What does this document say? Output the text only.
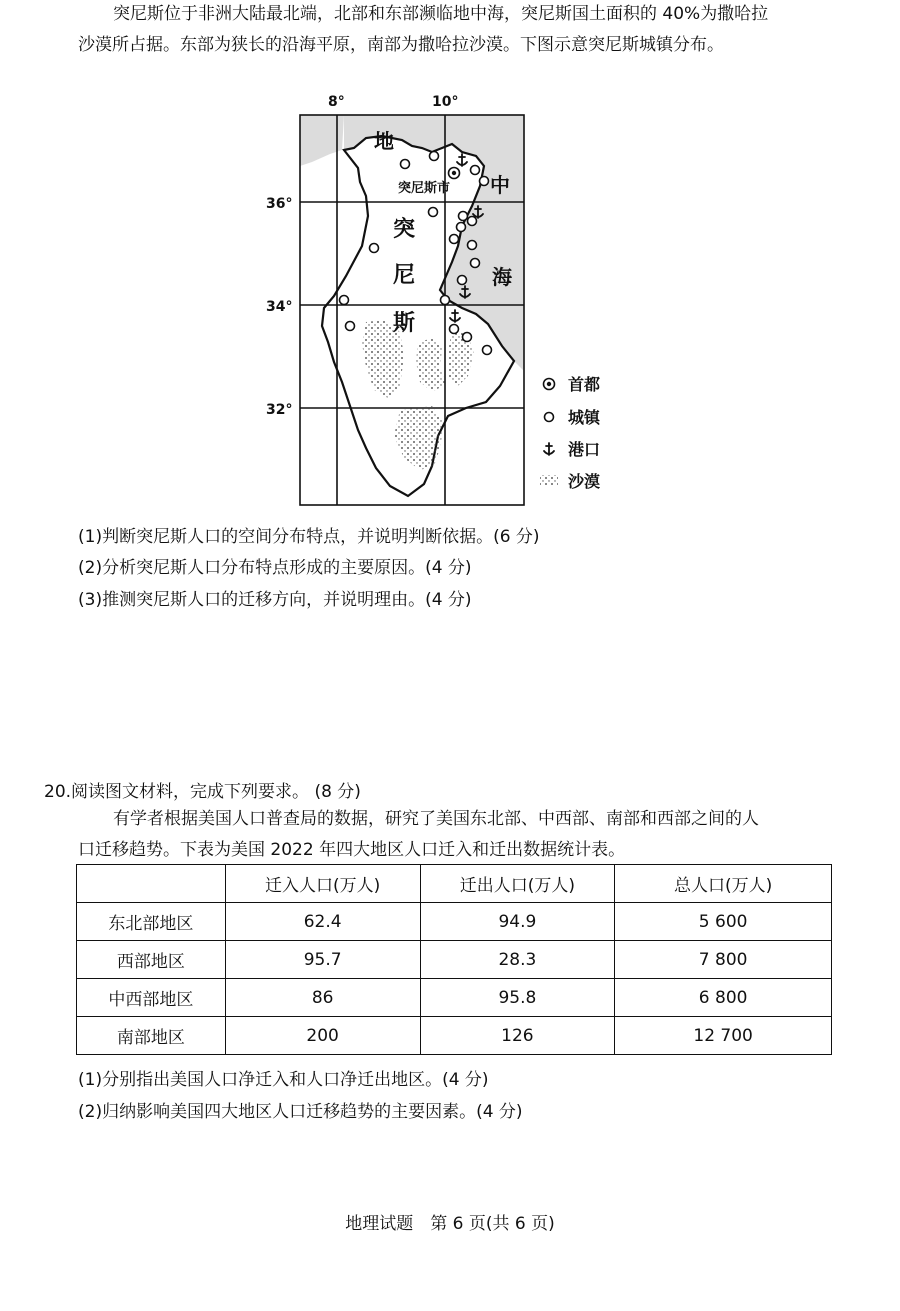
突尼斯位于非洲大陆最北端，北部和东部濒临地中海，突尼斯国土面积的 40%为撒哈拉
沙漠所占据。东部为狭长的沿海平原，南部为撒哈拉沙漠。下图示意突尼斯城镇分布。
8°	10°
36°
34°
32°
地
中
海
突
尼
斯
突尼斯市
首都
城镇
港口
沙漠
(1)判断突尼斯人口的空间分布特点，并说明判断依据。(6 分)
(2)分析突尼斯人口分布特点形成的主要原因。(4 分)
(3)推测突尼斯人口的迁移方向，并说明理由。(4 分)
20.阅读图文材料，完成下列要求。 (8 分)
有学者根据美国人口普查局的数据，研究了美国东北部、中西部、南部和西部之间的人
口迁移趋势。下表为美国 2022 年四大地区人口迁入和迁出数据统计表。
	迁入人口(万人)	迁出人口(万人)	总人口(万人)
东北部地区	62.4	94.9	5 600
西部地区	95.7	28.3	7 800
中西部地区	86	95.8	6 800
南部地区	200	126	12 700
(1)分别指出美国人口净迁入和人口净迁出地区。(4 分)
(2)归纳影响美国四大地区人口迁移趋势的主要因素。(4 分)
地理试题　第 6 页(共 6 页)
